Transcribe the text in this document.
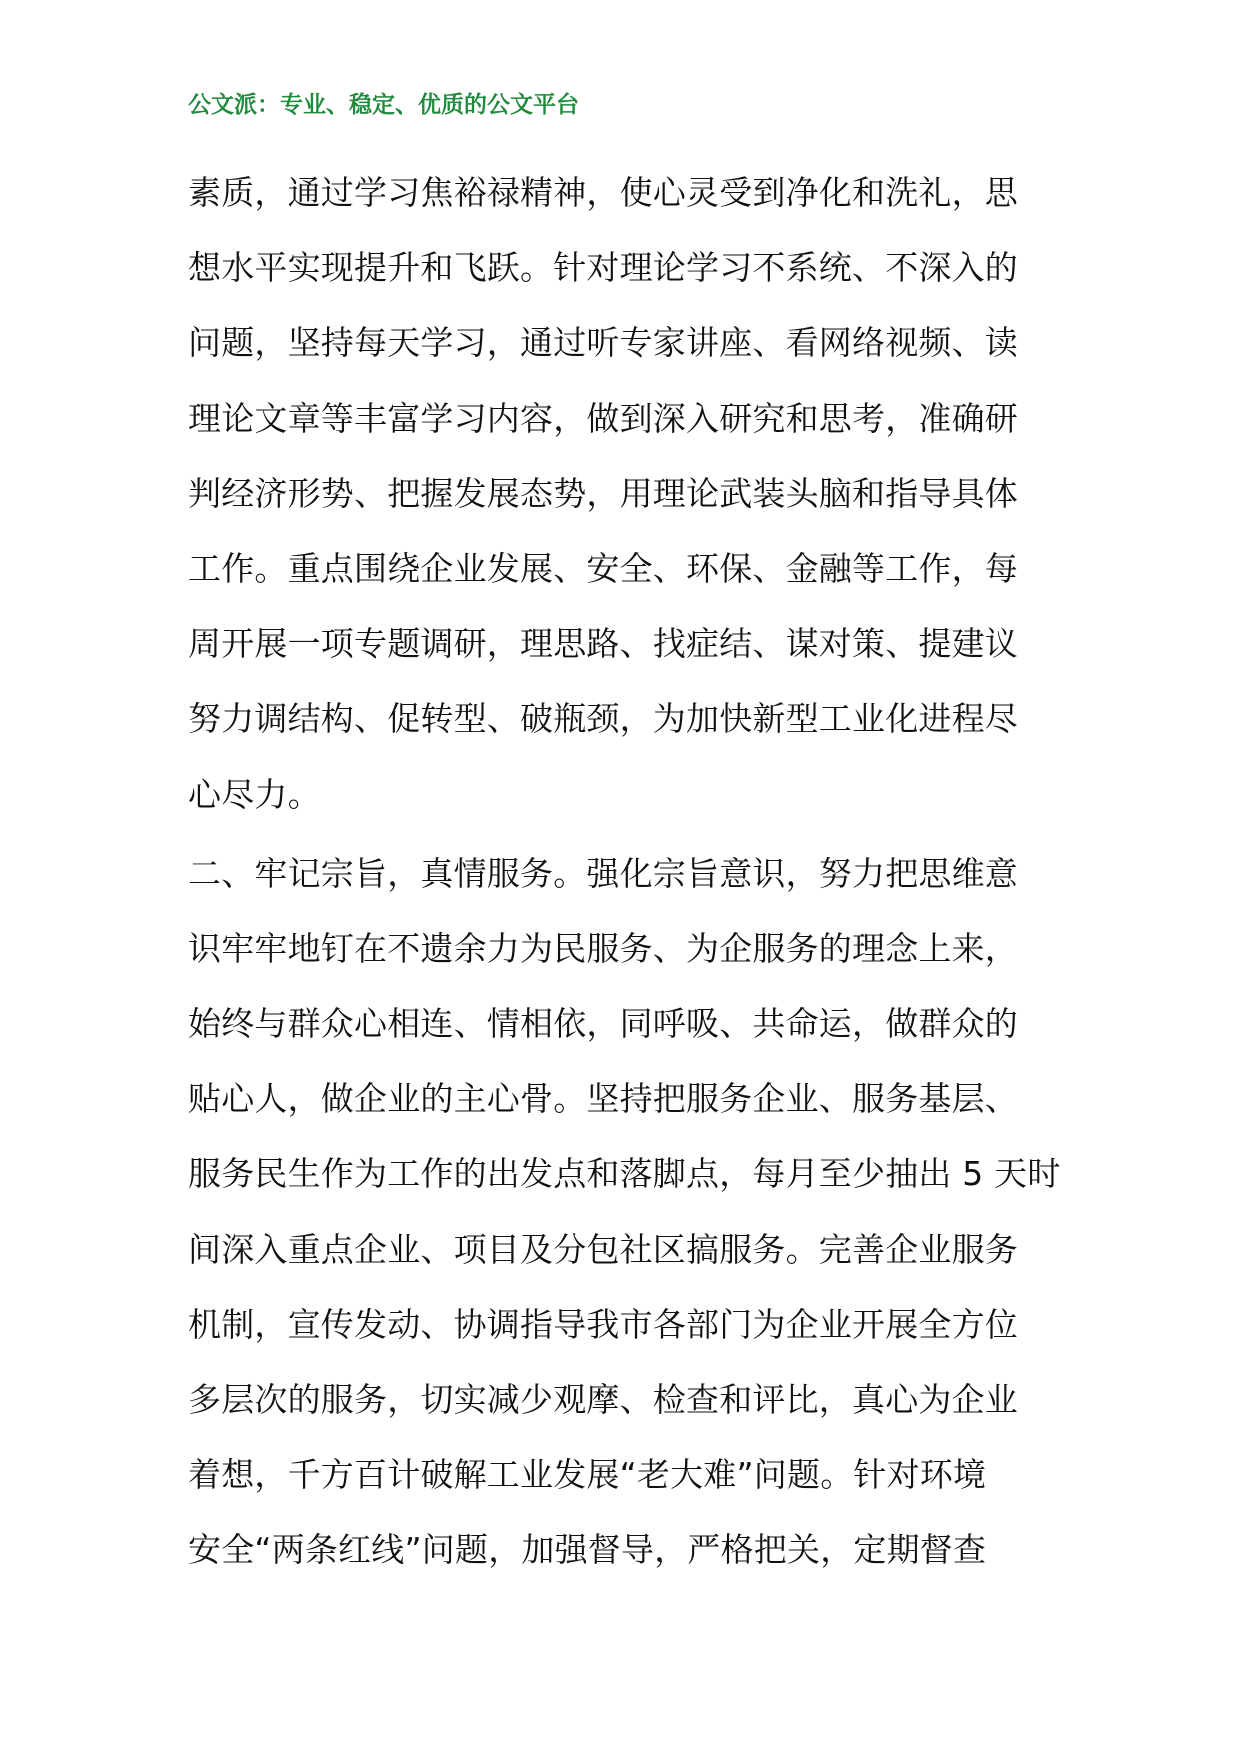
公文派：专业、稳定、优质的公文平台
素质，通过学习焦裕禄精神，使心灵受到净化和洗礼，思
想水平实现提升和飞跃。针对理论学习不系统、不深入的
问题，坚持每天学习，通过听专家讲座、看网络视频、读
理论文章等丰富学习内容，做到深入研究和思考，准确研
判经济形势、把握发展态势，用理论武装头脑和指导具体
工作。重点围绕企业发展、安全、环保、金融等工作，每
周开展一项专题调研，理思路、找症结、谋对策、提建议
努力调结构、促转型、破瓶颈，为加快新型工业化进程尽
心尽力。
二、牢记宗旨，真情服务。强化宗旨意识，努力把思维意
识牢牢地钉在不遗余力为民服务、为企服务的理念上来，
始终与群众心相连、情相依，同呼吸、共命运，做群众的
贴心人，做企业的主心骨。坚持把服务企业、服务基层、
服务民生作为工作的出发点和落脚点，每月至少抽出 5 天时
间深入重点企业、项目及分包社区搞服务。完善企业服务
机制，宣传发动、协调指导我市各部门为企业开展全方位
多层次的服务，切实减少观摩、检查和评比，真心为企业
着想，千方百计破解工业发展“老大难”问题。针对环境
安全“两条红线”问题，加强督导，严格把关，定期督查
